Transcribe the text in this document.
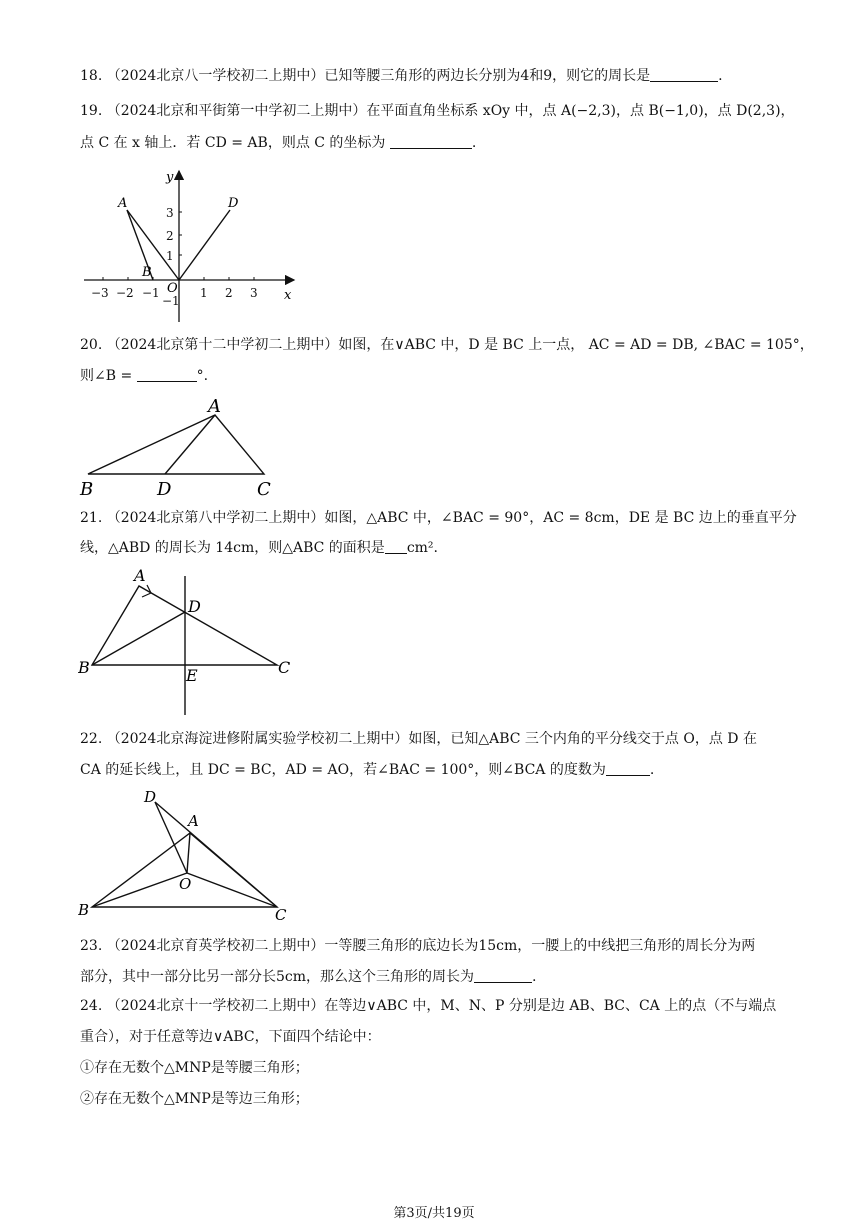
18. （2024北京八一学校初二上期中）已知等腰三角形的两边长分别为4和9，则它的周长是	.
19. （2024北京和平街第一中学初二上期中）在平面直角坐标系 xOy 中，点 A(−2,3)，点 B(−1,0)，点 D(2,3)，
点 C 在 x 轴上．若 CD = AB，则点 C 的坐标为	.
−3 −2 −1	1 2 3
3
2
1
−1	x
y
O
A
B
D
20. （2024北京第十二中学初二上期中）如图，在∨ABC 中，D 是 BC 上一点， AC = AD = DB, ∠BAC = 105°，
则∠B =	°.
A
B	D	C
21. （2024北京第八中学初二上期中）如图，△ABC 中，∠BAC = 90°，AC = 8cm，DE 是 BC 边上的垂直平分
线，△ABD 的周长为 14cm，则△ABC 的面积是 cm².
A
B
D
C
E
22. （2024北京海淀进修附属实验学校初二上期中）如图，已知△ABC 三个内角的平分线交于点 O，点 D 在
CA 的延长线上，且 DC = BC，AD = AO，若∠BAC = 100°，则∠BCA 的度数为	.
D
A
O
B	C
23. （2024北京育英学校初二上期中）一等腰三角形的底边长为15cm，一腰上的中线把三角形的周长分为两
部分，其中一部分比另一部分长5cm，那么这个三角形的周长为	.
24. （2024北京十一学校初二上期中）在等边∨ABC 中，M、N、P 分别是边 AB、BC、CA 上的点（不与端点
重合），对于任意等边∨ABC，下面四个结论中：
①存在无数个△MNP是等腰三角形；
②存在无数个△MNP是等边三角形；
第3页/共19页
